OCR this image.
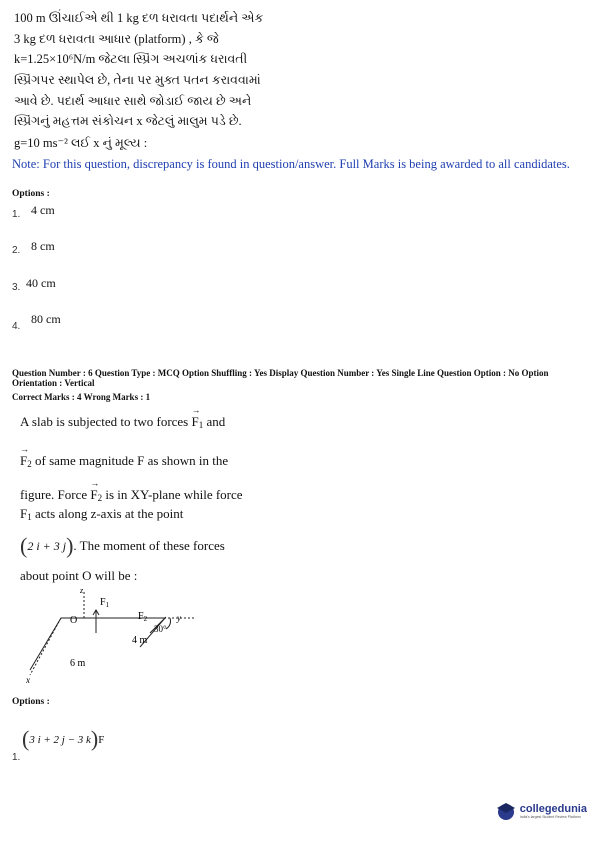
100 m ઊંચાઈએ થી 1 kg દળ ધરાવતા પદાર્થને એક
3 kg દળ ધરાવતા આધાર (platform) , કે જે
k=1.25×10⁶N/m જેટલા સ્પ્રિંગ અચળાંક ધરાવતી
સ્પ્રિંગપર સ્થાપેલ છે, તેના પર મુક્ત પતન કરાવવામાં
આવે છે. પદાર્થ આધાર સાથે જોડાઈ જાય છે અને
સ્પ્રિંગનું મહત્તમ સંકોચન x જેટલું માલુમ પડે છે.
g=10 ms⁻² લઈ x નું મૂલ્ય :
Note: For this question, discrepancy is found in question/answer. Full Marks is being awarded to all candidates.
Options :
1. 4 cm
2. 8 cm
3. 40 cm
4.
80 cm
Question Number : 6 Question Type : MCQ Option Shuffling : Yes Display Question Number : Yes Single Line Question Option : No Option Orientation : Vertical
Correct Marks : 4 Wrong Marks : 1
A slab is subjected to two forces → $F_1$ and
→ $F_2$ of same magnitude F as shown in the
figure. Force → $F_2$ is in XY-plane while force
$F_1$ acts along z-axis at the point
(2 i + 3 j). The moment of these forces
about point O will be :
z
$F_1$
O	$F_2$	y
30°
4 m
6 m
x
Options :
(3 i + 2 j − 3 k)F
1.
collegedunia
India's largest Student Review Platform
